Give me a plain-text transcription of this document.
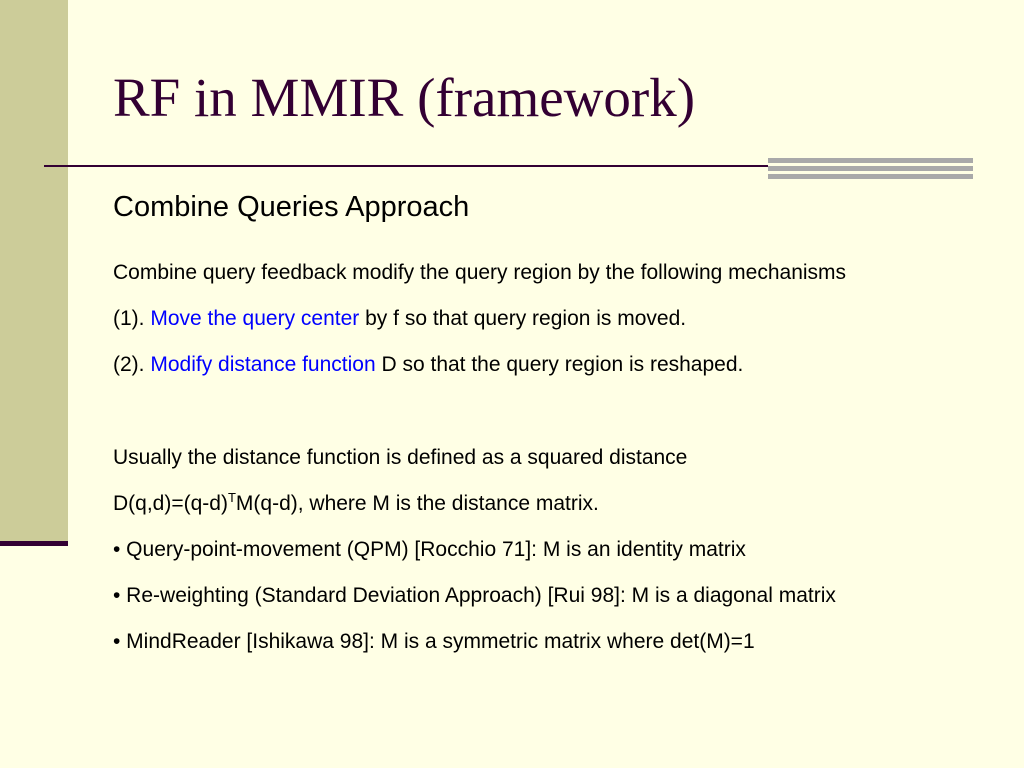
RF in MMIR (framework)
Combine Queries Approach

Combine query feedback modify the query region by the following mechanisms

(1). Move the query center by f so that query region is moved.

(2). Modify distance function D so that the query region is reshaped.

Usually the distance function is defined as a squared distance

$D(q,d)=(q-d)^TM(q-d)$, where M is the distance matrix.

• Query-point-movement (QPM) [Rocchio 71]: M is an identity matrix

• Re-weighting (Standard Deviation Approach) [Rui 98]: M is a diagonal matrix

• MindReader [Ishikawa 98]: M is a symmetric matrix where det(M)=1
